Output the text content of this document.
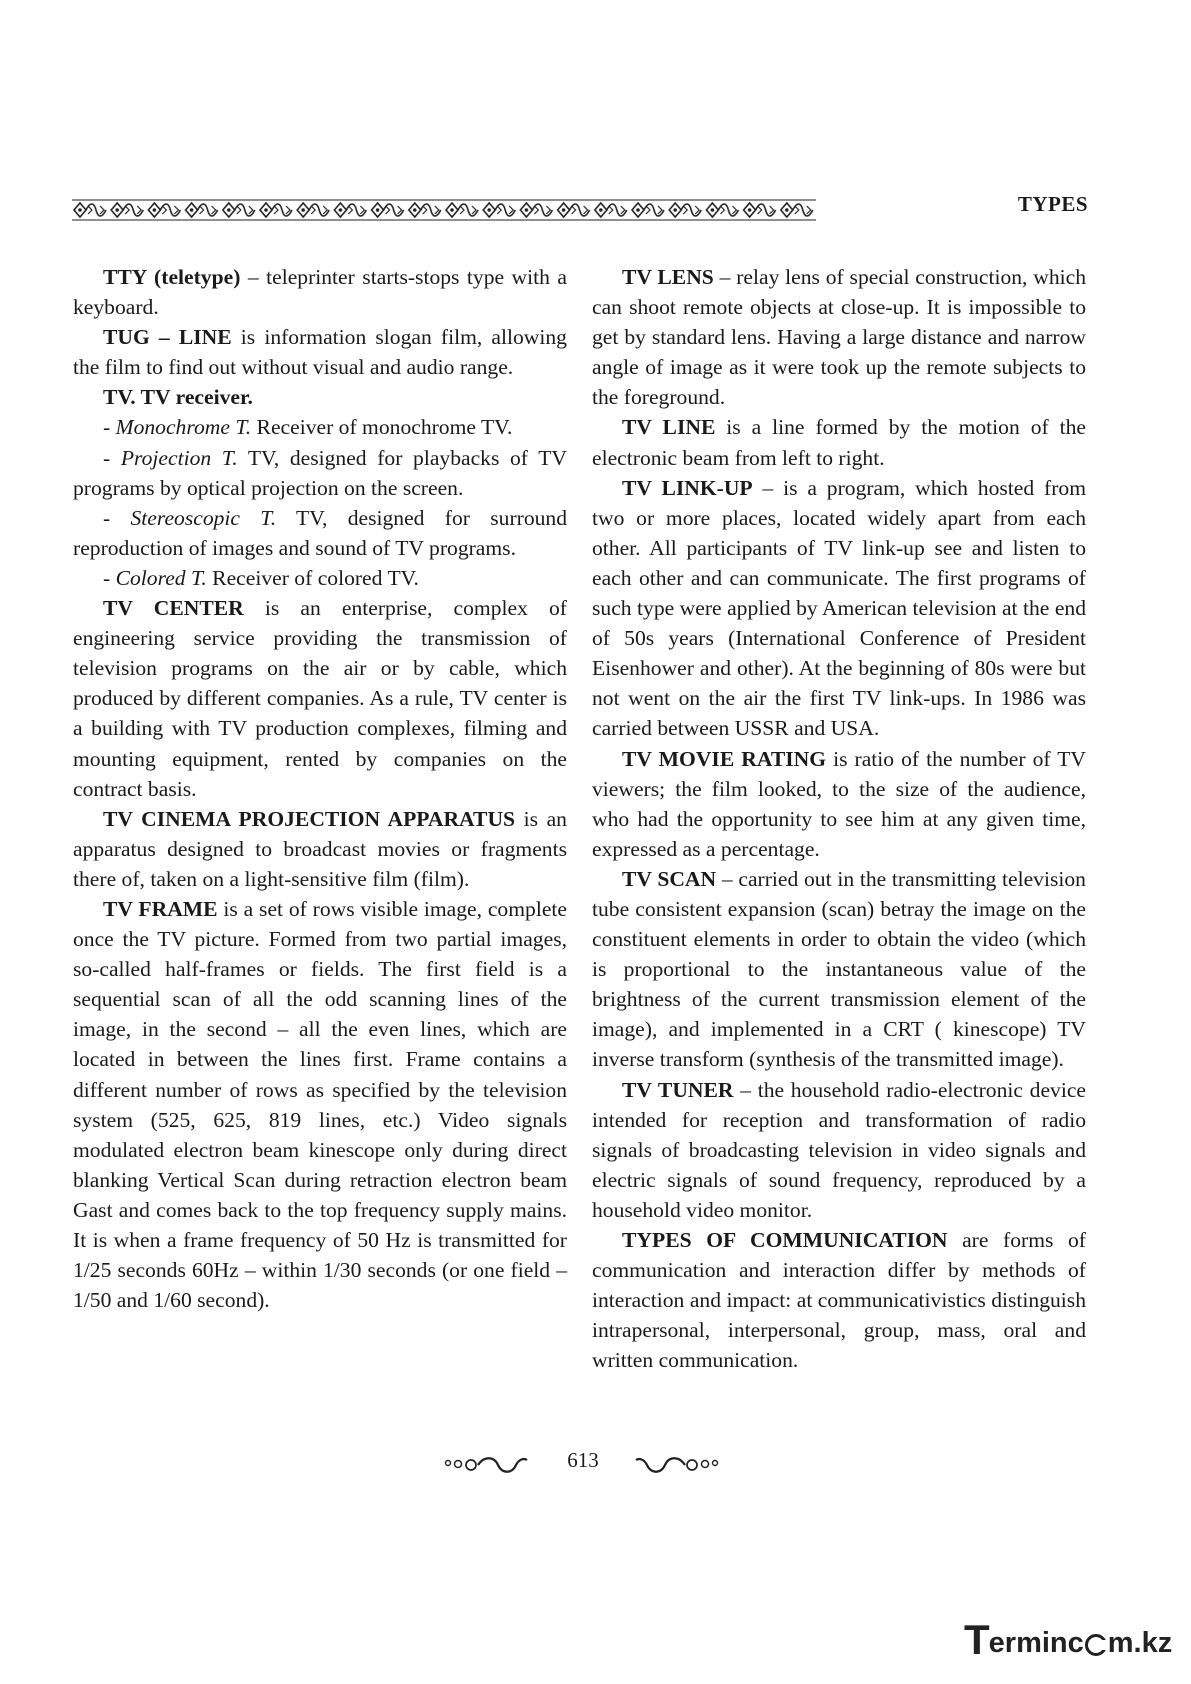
TYPES

TTY (teletype) – teleprinter starts-stops type with a keyboard.

TUG – LINE is information slogan film, allowing the film to find out without visual and audio range.

TV. TV receiver.

- Monochrome T. Receiver of monochrome TV.

- Projection T. TV, designed for playbacks of TV programs by optical projection on the screen.

- Stereoscopic T. TV, designed for surround reproduction of images and sound of TV programs.

- Colored T. Receiver of colored TV.

TV CENTER is an enterprise, complex of engineering service providing the transmission of television programs on the air or by cable, which produced by different companies. As a rule, TV center is a building with TV production complexes, filming and mounting equipment, rented by companies on the contract basis.

TV CINEMA PROJECTION APPARATUS is an apparatus designed to broadcast movies or fragments there of, taken on a light-sensitive film (film).

TV FRAME is a set of rows visible image, complete once the TV picture. Formed from two partial images, so-called half-frames or fields. The first field is a sequential scan of all the odd scanning lines of the image, in the second – all the even lines, which are located in between the lines first. Frame contains a different number of rows as specified by the television system (525, 625, 819 lines, etc.) Video signals modulated electron beam kinescope only during direct blanking Vertical Scan during retraction electron beam Gast and comes back to the top frequency supply mains. It is when a frame frequency of 50 Hz is transmitted for 1/25 seconds 60Hz – within 1/30 seconds (or one field – 1/50 and 1/60 second).

TV LENS – relay lens of special construction, which can shoot remote objects at close-up. It is impossible to get by standard lens. Having a large distance and narrow angle of image as it were took up the remote subjects to the foreground.

TV LINE is a line formed by the motion of the electronic beam from left to right.

TV LINK-UP – is a program, which hosted from two or more places, located widely apart from each other. All participants of TV link-up see and listen to each other and can communicate. The first programs of such type were applied by American television at the end of 50s years (International Conference of President Eisenhower and other). At the beginning of 80s were but not went on the air the first TV link-ups. In 1986 was carried between USSR and USA.

TV MOVIE RATING is ratio of the number of TV viewers; the film looked, to the size of the audience, who had the opportunity to see him at any given time, expressed as a percentage.

TV SCAN – carried out in the transmitting television tube consistent expansion (scan) betray the image on the constituent elements in order to obtain the video (which is proportional to the instantaneous value of the brightness of the current transmission element of the image), and implemented in a CRT ( kinescope) TV inverse transform (synthesis of the transmitted image).

TV TUNER – the household radio-electronic device intended for reception and transformation of radio signals of broadcasting television in video signals and electric signals of sound frequency, reproduced by a household video monitor.

TYPES OF COMMUNICATION are forms of communication and interaction differ by methods of interaction and impact: at communicativistics distinguish intrapersonal, interpersonal, group, mass, oral and written communication.

613
T erminc m.kz
